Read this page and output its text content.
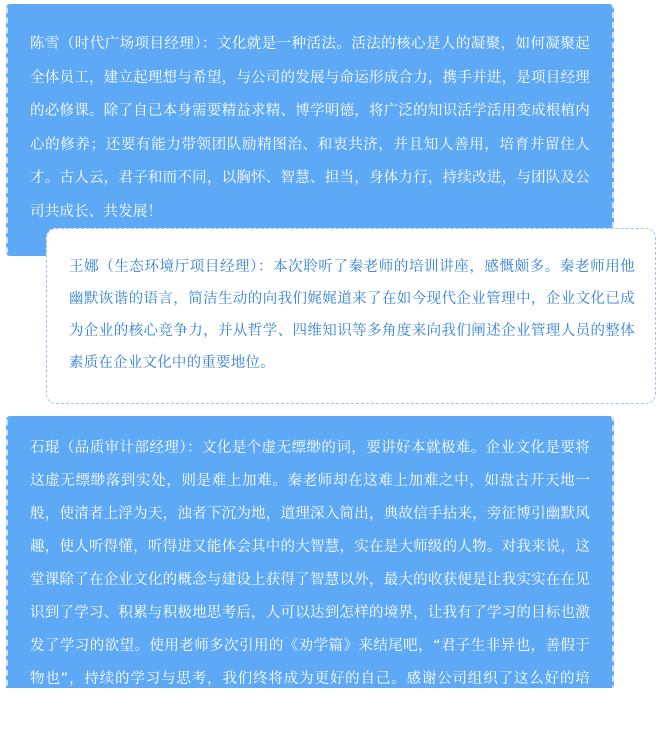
陈雪（时代广场项目经理）：文化就是一种活法。活法的核心是人的凝聚，如何凝聚起全体员工，建立起理想与希望，与公司的发展与命运形成合力，携手并进，是项目经理的必修课。除了自已本身需要精益求精、博学明德，将广泛的知识活学活用变成根植内心的修养；还要有能力带领团队励精图治、和衷共济，并且知人善用，培育并留住人才。古人云，君子和而不同，以胸怀、智慧、担当，身体力行，持续改进，与团队及公司共成长、共发展！

王娜（生态环境厅项目经理）：本次聆听了秦老师的培训讲座，感慨颇多。秦老师用他幽默诙谐的语言，简洁生动的向我们娓娓道来了在如今现代企业管理中，企业文化已成为企业的核心竞争力，并从哲学、四维知识等多角度来向我们阐述企业管理人员的整体素质在企业文化中的重要地位。

石琨（品质审计部经理）：文化是个虚无缥缈的词，要讲好本就极难。企业文化是要将这虚无缥缈落到实处，则是难上加难。秦老师却在这难上加难之中，如盘古开天地一般，使清者上浮为天，浊者下沉为地，道理深入简出，典故信手拈来，旁征博引幽默风趣，使人听得懂，听得进又能体会其中的大智慧，实在是大师级的人物。对我来说，这堂课除了在企业文化的概念与建设上获得了智慧以外，最大的收获便是让我实实在在见识到了学习、积累与积极地思考后，人可以达到怎样的境界，让我有了学习的目标也激发了学习的欲望。使用老师多次引用的《劝学篇》来结尾吧，“君子生非异也，善假于物也”，持续的学习与思考，我们终将成为更好的自己。感谢公司组织了这么好的培训。
